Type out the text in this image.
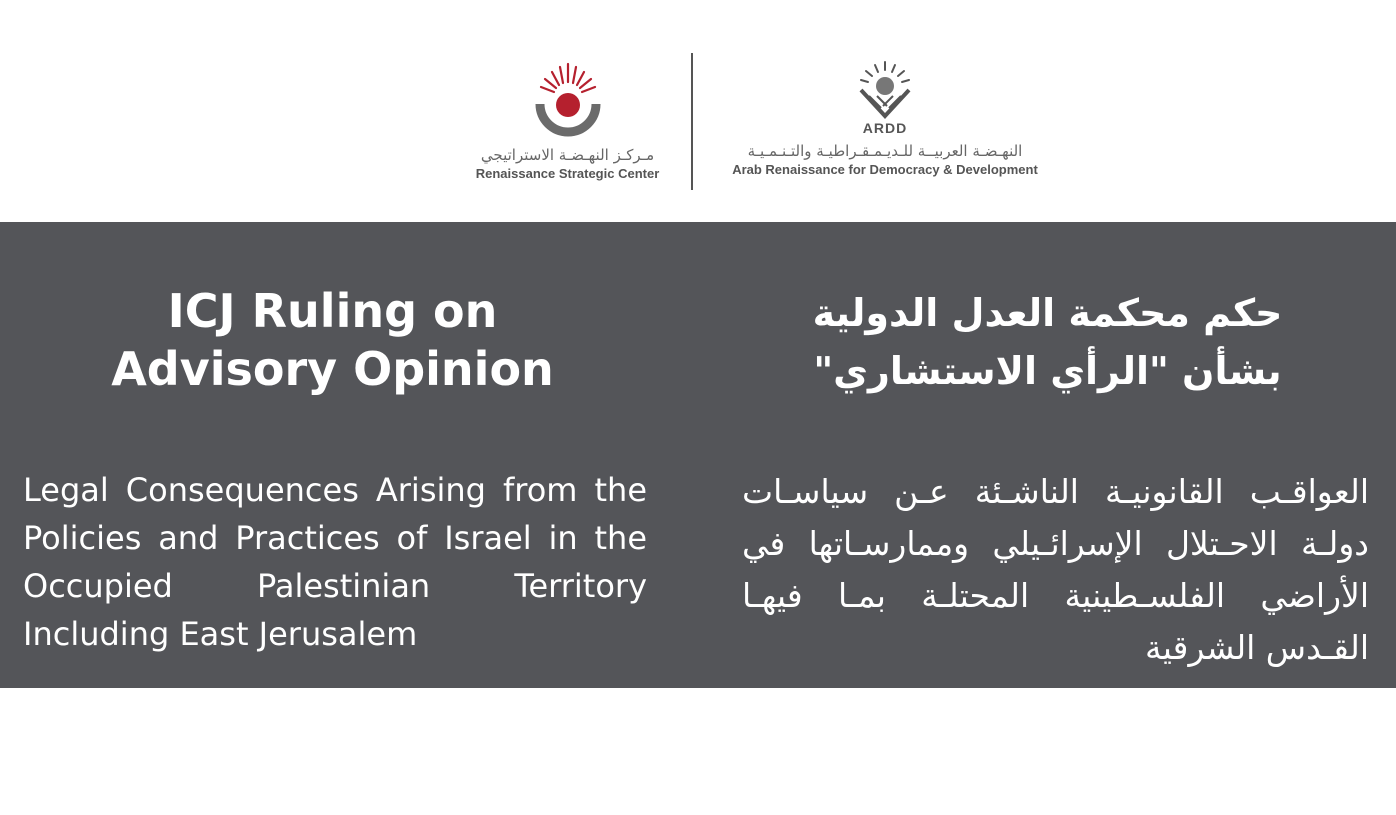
مـركـز النهـضـة الاستراتيجي
Renaissance Strategic Center
ARDD
النهـضـة العربيــة للـديـمـقـراطيـة والتـنـمـيـة
Arab Renaissance for Democracy & Development
ICJ Ruling on
Advisory Opinion
حكم محكمة العدل الدولية
بشأن "الرأي الاستشاري"
Legal Consequences Arising from the Policies and Practices of Israel in the Occupied Palestinian Territory Including East Jerusalem
العواقـب القانونيـة الناشـئة عـن سياسـات دولـة الاحـتلال الإسرائـيلي وممارسـاتها في الأراضي الفلسـطينية المحتلـة بمـا فيهـا القـدس الشرقية
